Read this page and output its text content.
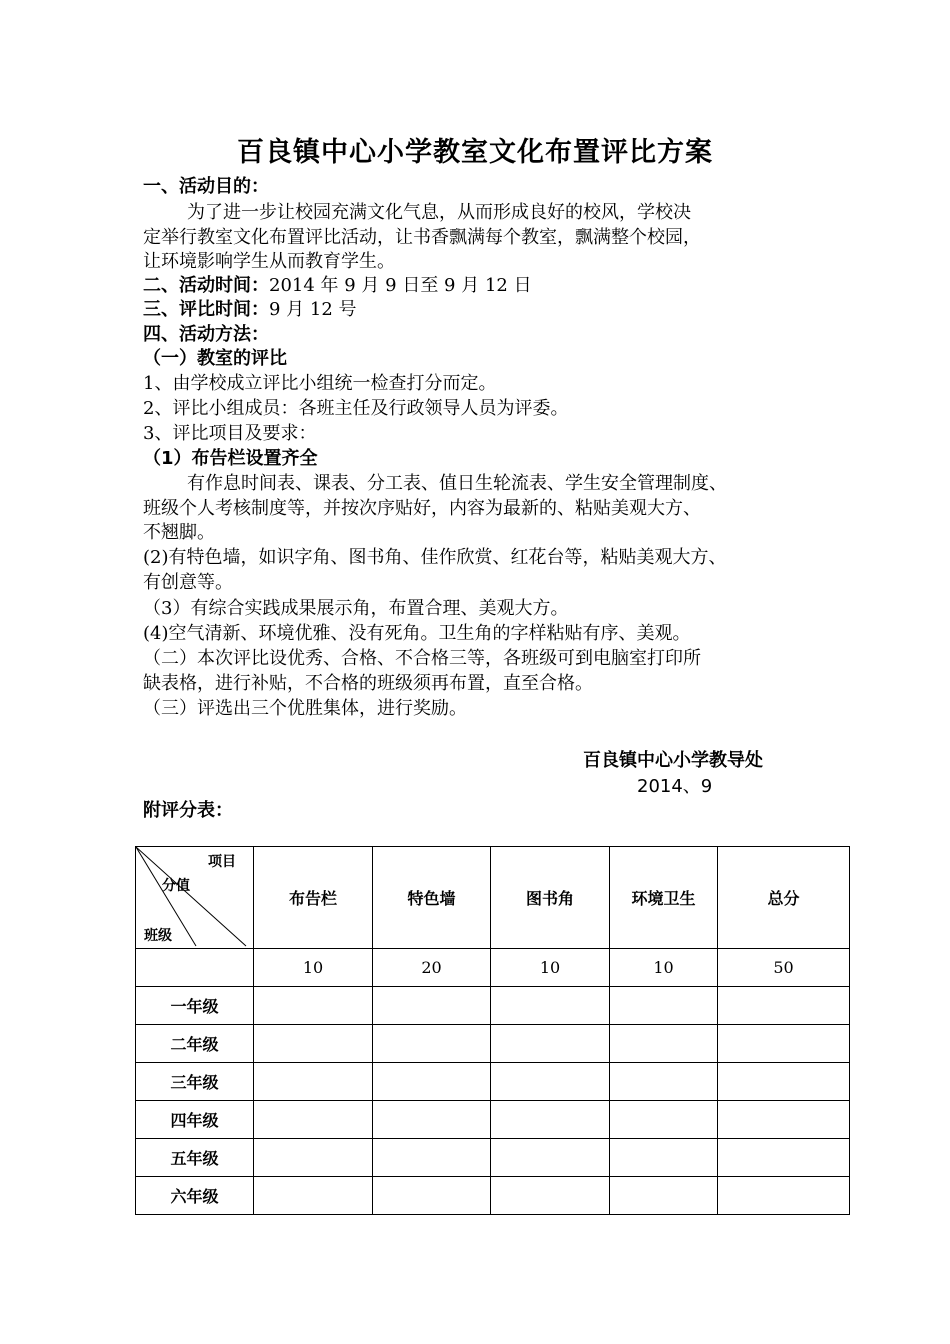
百良镇中心小学教室文化布置评比方案
一、活动目的：
为了进一步让校园充满文化气息，从而形成良好的校风，学校决
定举行教室文化布置评比活动，让书香飘满每个教室，飘满整个校园，
让环境影响学生从而教育学生。
二、活动时间：2014 年 9 月 9 日至 9 月 12 日
三、评比时间：9 月 12 号
四、活动方法：
（一）教室的评比
1、由学校成立评比小组统一检查打分而定。
2、评比小组成员：各班主任及行政领导人员为评委。
3、评比项目及要求：
（1）布告栏设置齐全
有作息时间表、课表、分工表、值日生轮流表、学生安全管理制度、
班级个人考核制度等，并按次序贴好，内容为最新的、粘贴美观大方、
不翘脚。
(2)有特色墙，如识字角、图书角、佳作欣赏、红花台等，粘贴美观大方、
有创意等。
（3）有综合实践成果展示角，布置合理、美观大方。
(4)空气清新、环境优雅、没有死角。卫生角的字样粘贴有序、美观。
（二）本次评比设优秀、合格、不合格三等，各班级可到电脑室打印所
缺表格，进行补贴，不合格的班级须再布置，直至合格。
（三）评选出三个优胜集体，进行奖励。
百良镇中心小学教导处
2014、9
附评分表：
项目
分值
班级	布告栏	特色墙	图书角	环境卫生	总分
	10	20	10	10	50
一年级					
二年级					
三年级					
四年级					
五年级					
六年级					
